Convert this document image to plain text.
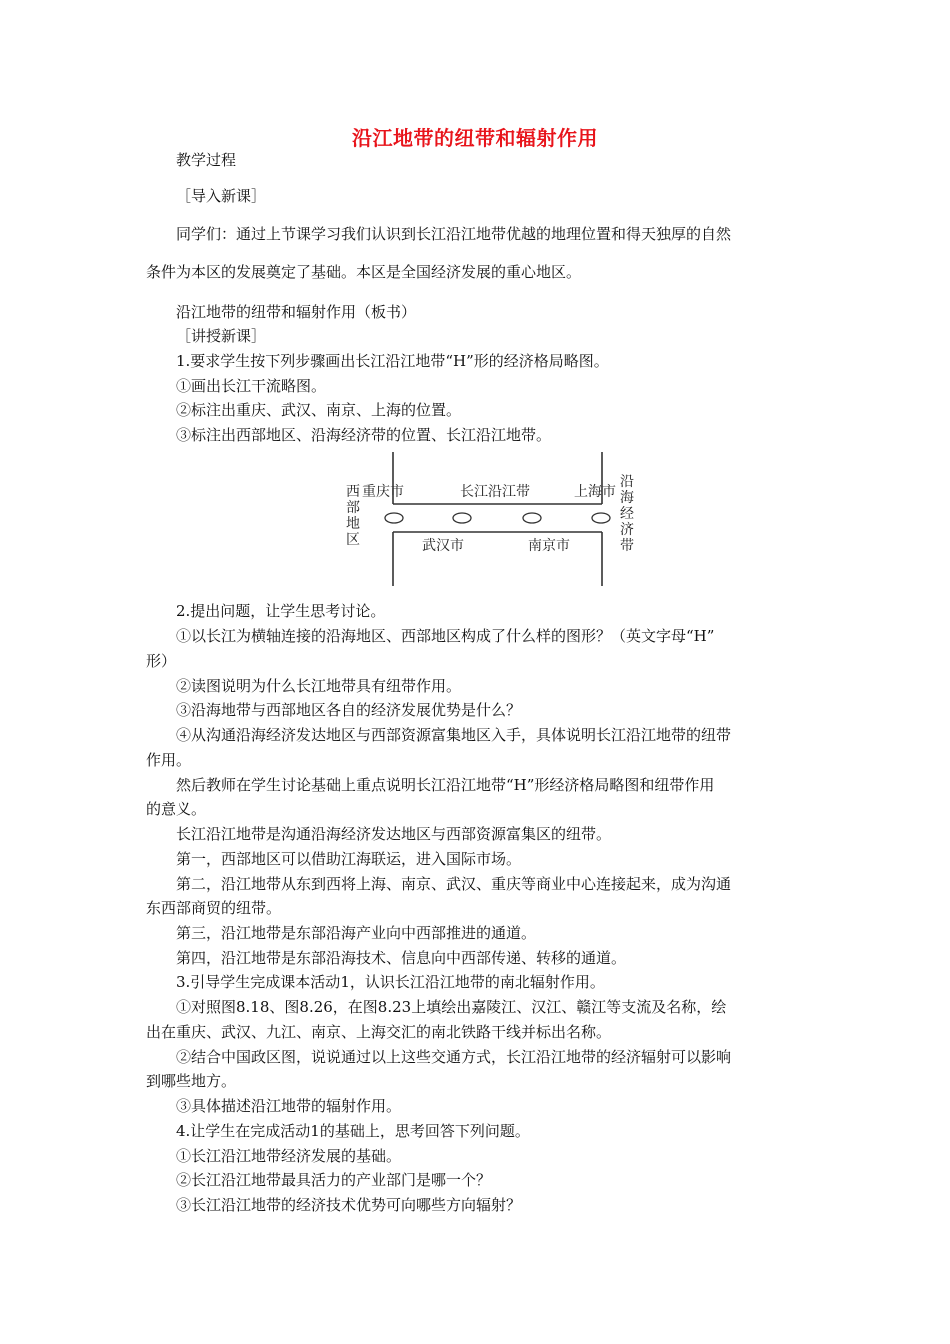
沿江地带的纽带和辐射作用
教学过程
［导入新课］
同学们：通过上节课学习我们认识到长江沿江地带优越的地理位置和得天独厚的自然
条件为本区的发展奠定了基础。本区是全国经济发展的重心地区。
沿江地带的纽带和辐射作用（板书）
［讲授新课］
1.要求学生按下列步骤画出长江沿江地带“H”形的经济格局略图。
①画出长江干流略图。
②标注出重庆、武汉、南京、上海的位置。
③标注出西部地区、沿海经济带的位置、长江沿江地带。
西
部
地
区
重庆市	长江沿江带	上海市
沿
海
经
济
带
武汉市	南京市
2.提出问题，让学生思考讨论。
①以长江为横轴连接的沿海地区、西部地区构成了什么样的图形？（英文字母“H”
形）
②读图说明为什么长江地带具有纽带作用。
③沿海地带与西部地区各自的经济发展优势是什么？
④从沟通沿海经济发达地区与西部资源富集地区入手，具体说明长江沿江地带的纽带
作用。
然后教师在学生讨论基础上重点说明长江沿江地带“H”形经济格局略图和纽带作用
的意义。
长江沿江地带是沟通沿海经济发达地区与西部资源富集区的纽带。
第一，西部地区可以借助江海联运，进入国际市场。
第二，沿江地带从东到西将上海、南京、武汉、重庆等商业中心连接起来，成为沟通
东西部商贸的纽带。
第三，沿江地带是东部沿海产业向中西部推进的通道。
第四，沿江地带是东部沿海技术、信息向中西部传递、转移的通道。
3.引导学生完成课本活动1，认识长江沿江地带的南北辐射作用。
①对照图8.18、图8.26，在图8.23上填绘出嘉陵江、汉江、赣江等支流及名称，绘
出在重庆、武汉、九江、南京、上海交汇的南北铁路干线并标出名称。
②结合中国政区图，说说通过以上这些交通方式，长江沿江地带的经济辐射可以影响
到哪些地方。
③具体描述沿江地带的辐射作用。
4.让学生在完成活动1的基础上，思考回答下列问题。
①长江沿江地带经济发展的基础。
②长江沿江地带最具活力的产业部门是哪一个？
③长江沿江地带的经济技术优势可向哪些方向辐射？
